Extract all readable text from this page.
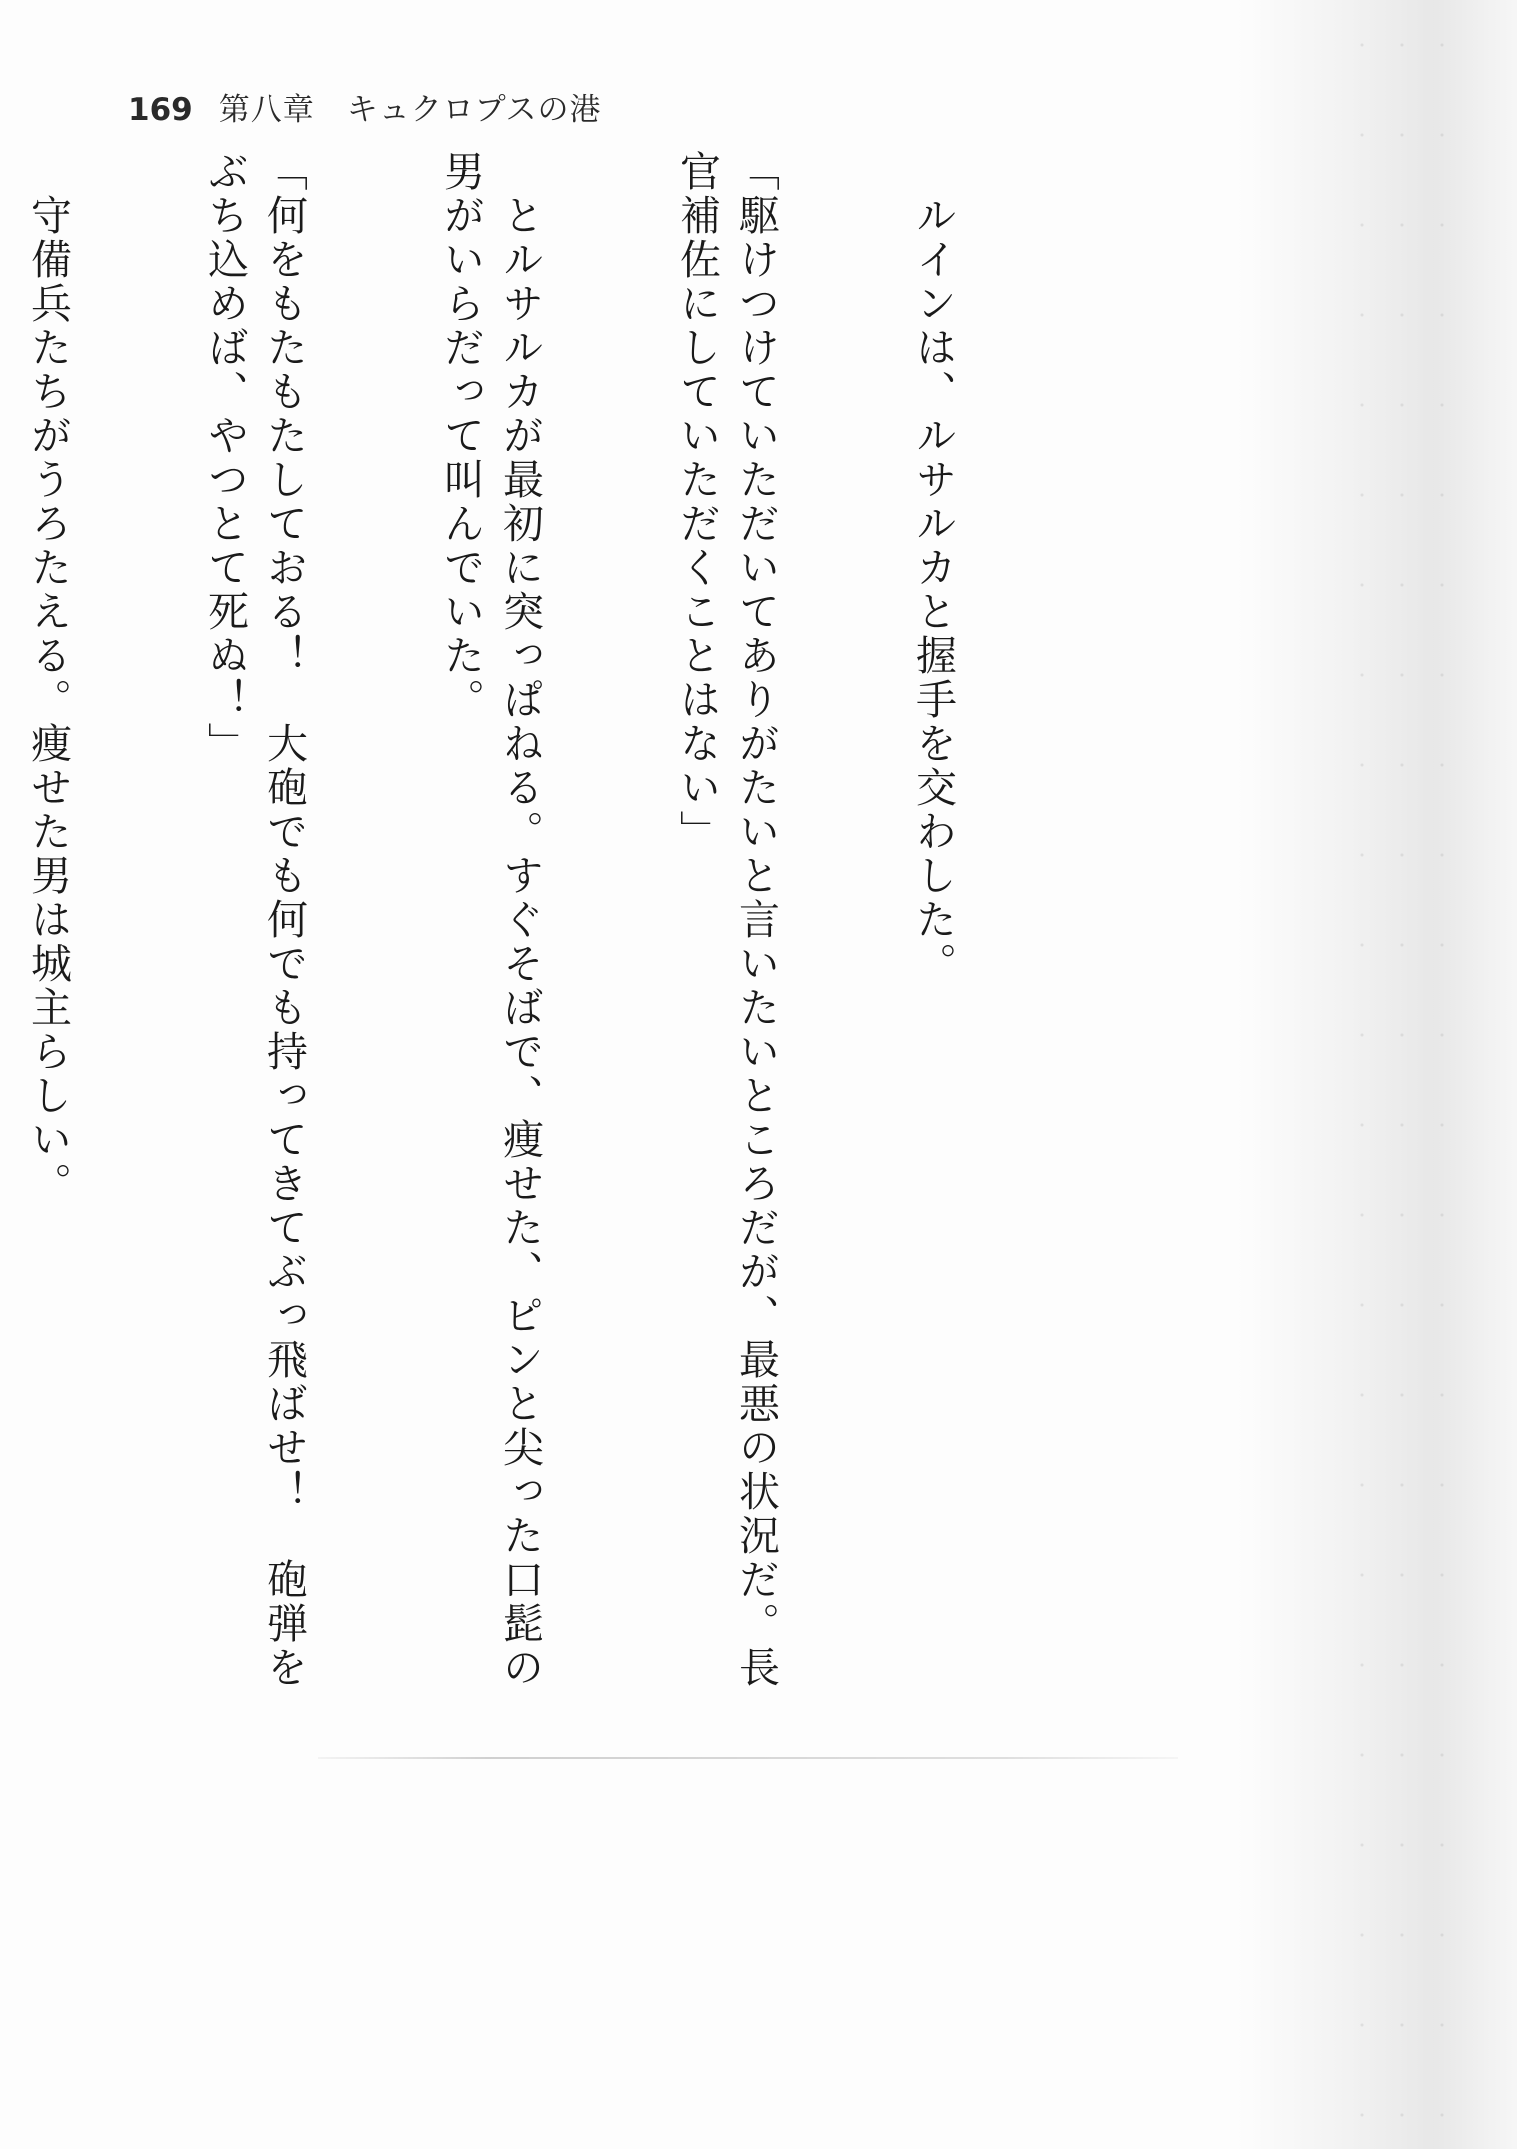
169 第八章　キュクロプスの港

　ルインは、ルサルカと握手を交わした。

「駆けつけていただいてありがたいと言いたいところだが、最悪の状況だ。長官補佐にしていただくことはない」

　とルサルカが最初に突っぱねる。すぐそばで、痩せた、ピンと尖った口髭の男がいらだって叫んでいた。

「何をもたもたしておる！　大砲でも何でも持ってきてぶっ飛ばせ！　砲弾をぶち込めば、やつとて死ぬ！」

　守備兵たちがうろたえる。痩せた男は城主らしい。
